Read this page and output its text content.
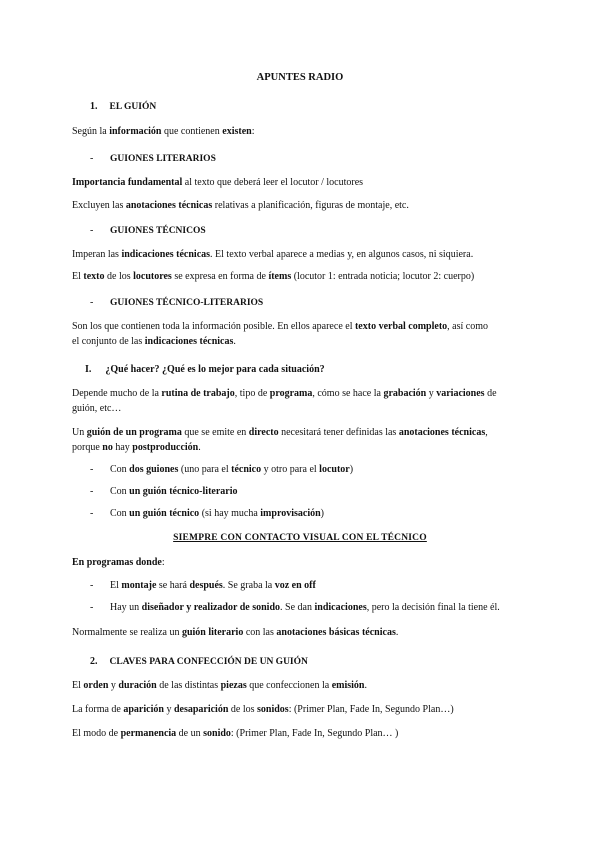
APUNTES RADIO
1. EL GUIÓN
Según la información que contienen existen:
- GUIONES LITERARIOS
Importancia fundamental al texto que deberá leer el locutor / locutores
Excluyen las anotaciones técnicas relativas a planificación, figuras de montaje, etc.
- GUIONES TÉCNICOS
Imperan las indicaciones técnicas. El texto verbal aparece a medias y, en algunos casos, ni siquiera.
El texto de los locutores se expresa en forma de ítems (locutor 1: entrada noticia; locutor 2: cuerpo)
- GUIONES TÉCNICO-LITERARIOS
Son los que contienen toda la información posible. En ellos aparece el texto verbal completo, así como
el conjunto de las indicaciones técnicas.
I. ¿Qué hacer? ¿Qué es lo mejor para cada situación?
Depende mucho de la rutina de trabajo, tipo de programa, cómo se hace la grabación y variaciones de
guión, etc…
Un guión de un programa que se emite en directo necesitará tener definidas las anotaciones técnicas,
porque no hay postproducción.
- Con dos guiones (uno para el técnico y otro para el locutor)
- Con un guión técnico-literario
- Con un guión técnico (si hay mucha improvisación)
SIEMPRE CON CONTACTO VISUAL CON EL TÉCNICO
En programas donde:
- El montaje se hará después. Se graba la voz en off
- Hay un diseñador y realizador de sonido. Se dan indicaciones, pero la decisión final la tiene él.
Normalmente se realiza un guión literario con las anotaciones básicas técnicas.
2. CLAVES PARA CONFECCIÓN DE UN GUIÓN
El orden y duración de las distintas piezas que confeccionen la emisión.
La forma de aparición y desaparición de los sonidos: (Primer Plan, Fade In, Segundo Plan…)
El modo de permanencia de un sonido: (Primer Plan, Fade In, Segundo Plan… )
